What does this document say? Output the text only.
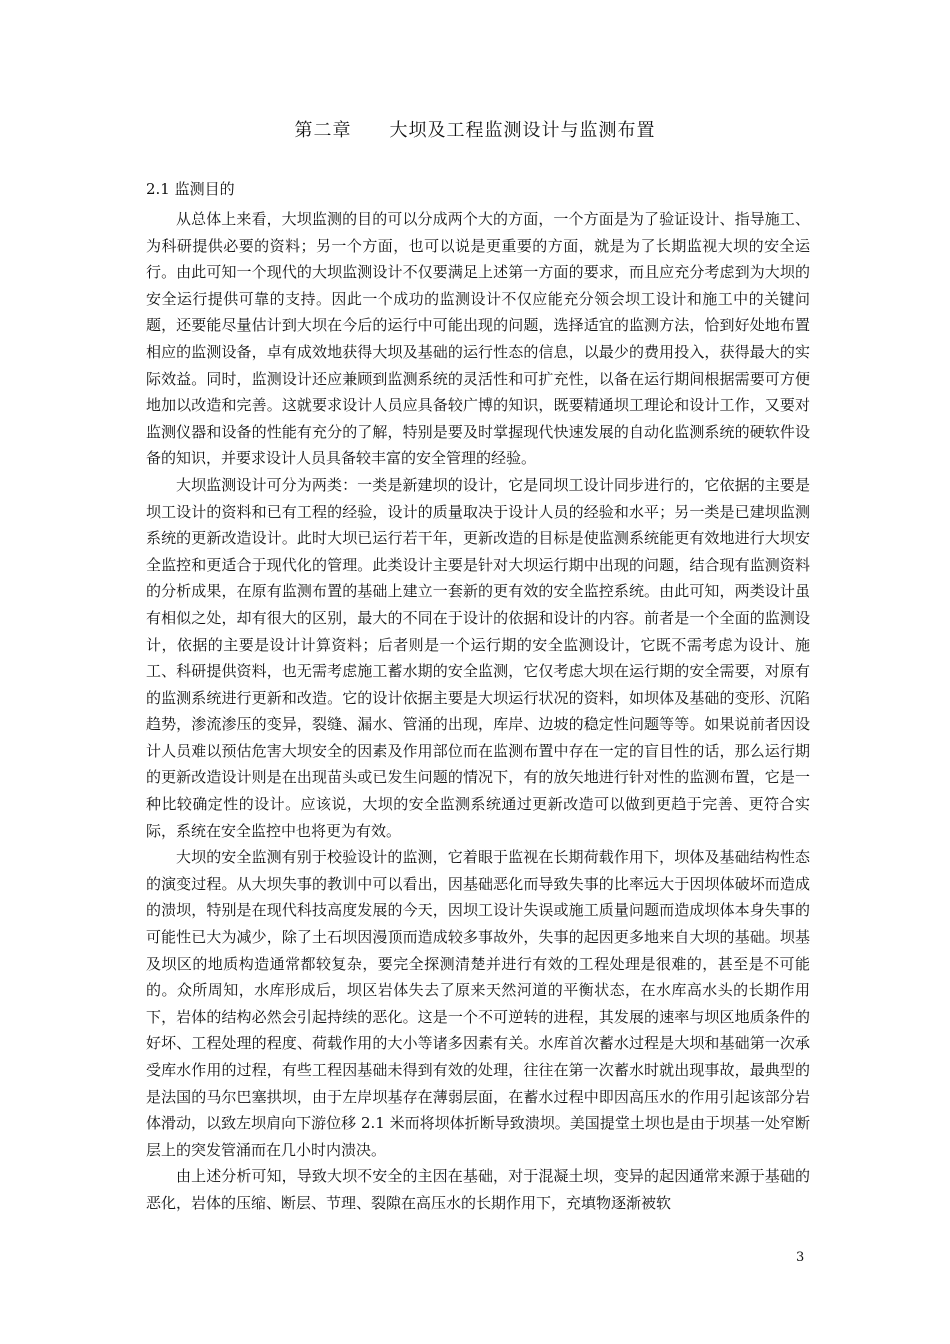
第二章　　大坝及工程监测设计与监测布置
2.1 监测目的

从总体上来看，大坝监测的目的可以分成两个大的方面，一个方面是为了验证设计、指导施工、为科研提供必要的资料；另一个方面，也可以说是更重要的方面，就是为了长期监视大坝的安全运行。由此可知一个现代的大坝监测设计不仅要满足上述第一方面的要求，而且应充分考虑到为大坝的安全运行提供可靠的支持。因此一个成功的监测设计不仅应能充分领会坝工设计和施工中的关键问题，还要能尽量估计到大坝在今后的运行中可能出现的问题，选择适宜的监测方法，恰到好处地布置相应的监测设备，卓有成效地获得大坝及基础的运行性态的信息，以最少的费用投入，获得最大的实际效益。同时，监测设计还应兼顾到监测系统的灵活性和可扩充性，以备在运行期间根据需要可方便地加以改造和完善。这就要求设计人员应具备较广博的知识，既要精通坝工理论和设计工作，又要对监测仪器和设备的性能有充分的了解，特别是要及时掌握现代快速发展的自动化监测系统的硬软件设备的知识，并要求设计人员具备较丰富的安全管理的经验。

大坝监测设计可分为两类：一类是新建坝的设计，它是同坝工设计同步进行的，它依据的主要是坝工设计的资料和已有工程的经验，设计的质量取决于设计人员的经验和水平；另一类是已建坝监测系统的更新改造设计。此时大坝已运行若干年，更新改造的目标是使监测系统能更有效地进行大坝安全监控和更适合于现代化的管理。此类设计主要是针对大坝运行期中出现的问题，结合现有监测资料的分析成果，在原有监测布置的基础上建立一套新的更有效的安全监控系统。由此可知，两类设计虽有相似之处，却有很大的区别，最大的不同在于设计的依据和设计的内容。前者是一个全面的监测设计，依据的主要是设计计算资料；后者则是一个运行期的安全监测设计，它既不需考虑为设计、施工、科研提供资料，也无需考虑施工蓄水期的安全监测，它仅考虑大坝在运行期的安全需要，对原有的监测系统进行更新和改造。它的设计依据主要是大坝运行状况的资料，如坝体及基础的变形、沉陷趋势，渗流渗压的变异，裂缝、漏水、管涌的出现，库岸、边坡的稳定性问题等等。如果说前者因设计人员难以预估危害大坝安全的因素及作用部位而在监测布置中存在一定的盲目性的话，那么运行期的更新改造设计则是在出现苗头或已发生问题的情况下，有的放矢地进行针对性的监测布置，它是一种比较确定性的设计。应该说，大坝的安全监测系统通过更新改造可以做到更趋于完善、更符合实际，系统在安全监控中也将更为有效。

大坝的安全监测有别于校验设计的监测，它着眼于监视在长期荷载作用下，坝体及基础结构性态的演变过程。从大坝失事的教训中可以看出，因基础恶化而导致失事的比率远大于因坝体破坏而造成的溃坝，特别是在现代科技高度发展的今天，因坝工设计失误或施工质量问题而造成坝体本身失事的可能性已大为减少，除了土石坝因漫顶而造成较多事故外，失事的起因更多地来自大坝的基础。坝基及坝区的地质构造通常都较复杂，要完全探测清楚并进行有效的工程处理是很难的，甚至是不可能的。众所周知，水库形成后，坝区岩体失去了原来天然河道的平衡状态，在水库高水头的长期作用下，岩体的结构必然会引起持续的恶化。这是一个不可逆转的进程，其发展的速率与坝区地质条件的好坏、工程处理的程度、荷载作用的大小等诸多因素有关。水库首次蓄水过程是大坝和基础第一次承受库水作用的过程，有些工程因基础未得到有效的处理，往往在第一次蓄水时就出现事故，最典型的是法国的马尔巴塞拱坝，由于左岸坝基存在薄弱层面，在蓄水过程中即因高压水的作用引起该部分岩体滑动，以致左坝肩向下游位移 2.1 米而将坝体折断导致溃坝。美国提堂土坝也是由于坝基一处窄断层上的突发管涌而在几小时内溃决。

由上述分析可知，导致大坝不安全的主因在基础，对于混凝土坝，变异的起因通常来源于基础的恶化，岩体的压缩、断层、节理、裂隙在高压水的长期作用下，充填物逐渐被软

3
